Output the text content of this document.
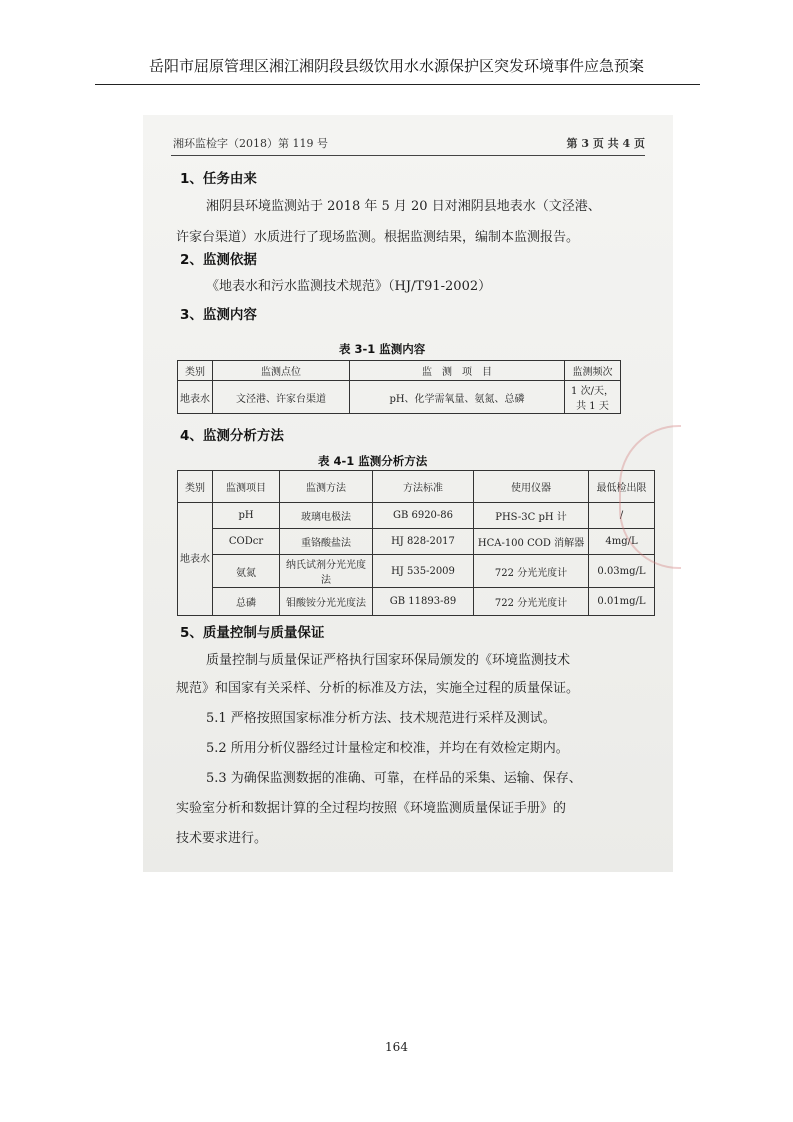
岳阳市屈原管理区湘江湘阴段县级饮用水水源保护区突发环境事件应急预案
湘环监检字（2018）第 119 号	第 3 页 共 4 页
1、任务由来
湘阴县环境监测站于 2018 年 5 月 20 日对湘阴县地表水（文泾港、
许家台渠道）水质进行了现场监测。根据监测结果，编制本监测报告。
2、监测依据
《地表水和污水监测技术规范》（HJ/T91-2002）
3、监测内容
表 3-1 监测内容
类别	监测点位	监　测　项　目	监测频次
地表水	文泾港、许家台渠道	pH、化学需氧量、氨氮、总磷	1 次/天，共 1 天
4、监测分析方法
表 4-1 监测分析方法
类别	监测项目	监测方法	方法标准	使用仪器	最低检出限
地表水	pH	玻璃电极法	GB 6920-86	PHS-3C pH 计	/
	CODcr	重铬酸盐法	HJ 828-2017	HCA-100 COD 消解器	4mg/L
	氨氮	纳氏试剂分光光度法	HJ 535-2009	722 分光光度计	0.03mg/L
	总磷	钼酸铵分光光度法	GB 11893-89	722 分光光度计	0.01mg/L
5、质量控制与质量保证
质量控制与质量保证严格执行国家环保局颁发的《环境监测技术
规范》和国家有关采样、分析的标准及方法，实施全过程的质量保证。
5.1 严格按照国家标准分析方法、技术规范进行采样及测试。
5.2 所用分析仪器经过计量检定和校准，并均在有效检定期内。
5.3 为确保监测数据的准确、可靠，在样品的采集、运输、保存、
实验室分析和数据计算的全过程均按照《环境监测质量保证手册》的
技术要求进行。
164
